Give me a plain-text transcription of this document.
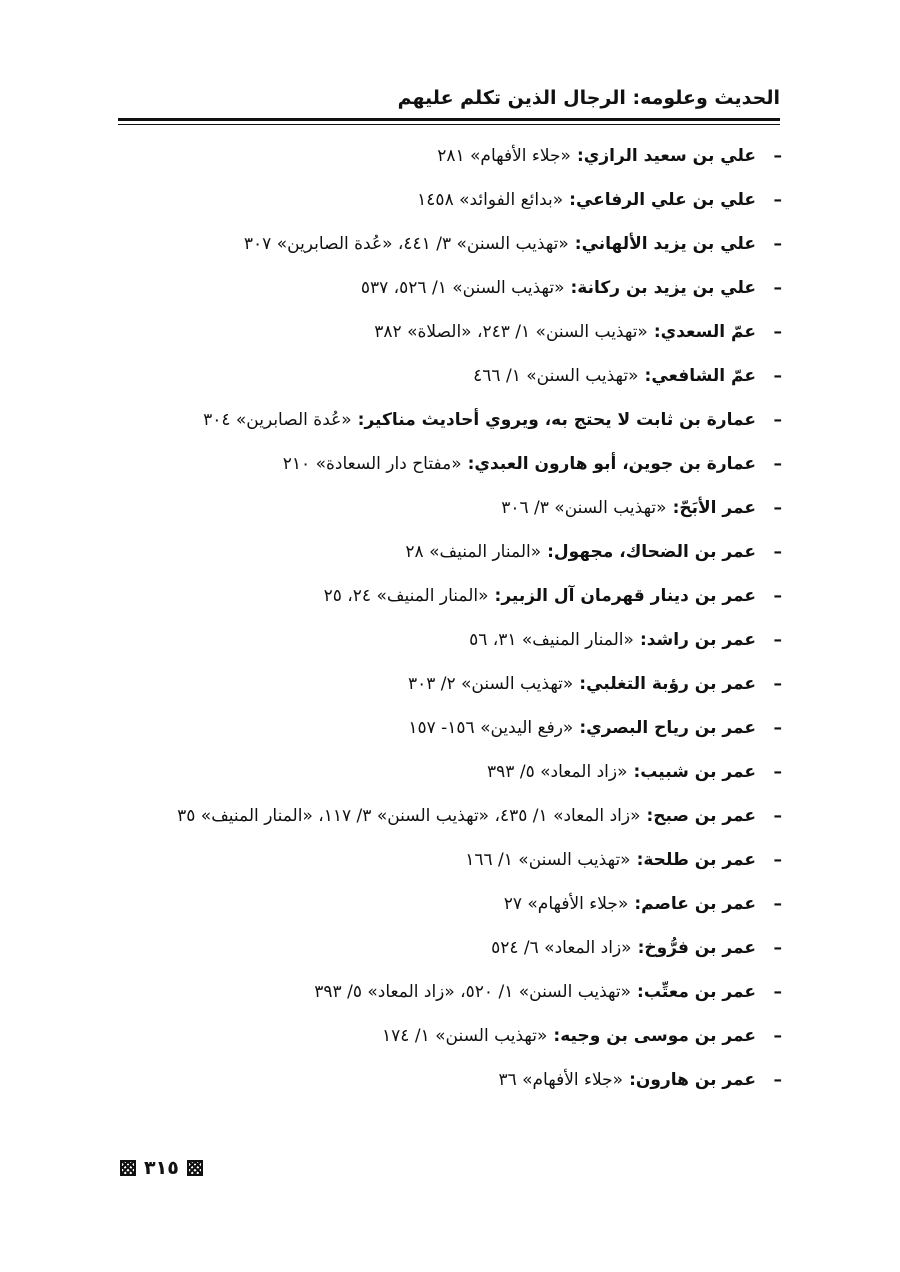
الحديث وعلومه: الرجال الذين تكلم عليهم
–
علي بن سعيد الرازي:
«جلاء الأفهام» ٢٨١
–
علي بن علي الرفاعي:
«بدائع الفوائد» ١٤٥٨
–
علي بن يزيد الألهاني:
«تهذيب السنن» ٣/ ٤٤١، «عُدة الصابرين» ٣٠٧
–
علي بن يزيد بن ركانة:
«تهذيب السنن» ١/ ٥٢٦، ٥٣٧
–
عمّ السعدي:
«تهذيب السنن» ١/ ٢٤٣، «الصلاة» ٣٨٢
–
عمّ الشافعي:
«تهذيب السنن» ١/ ٤٦٦
–
عمارة بن ثابت لا يحتج به، ويروي أحاديث مناكير:
«عُدة الصابرين» ٣٠٤
–
عمارة بن جوين، أبو هارون العبدي:
«مفتاح دار السعادة» ٢١٠
–
عمر الأبَحّ:
«تهذيب السنن» ٣/ ٣٠٦
–
عمر بن الضحاك، مجهول:
«المنار المنيف» ٢٨
–
عمر بن دينار قهرمان آل الزبير:
«المنار المنيف» ٢٤، ٢٥
–
عمر بن راشد:
«المنار المنيف» ٣١، ٥٦
–
عمر بن رؤبة التغلبي:
«تهذيب السنن» ٢/ ٣٠٣
–
عمر بن رياح البصري:
«رفع اليدين» ١٥٦- ١٥٧
–
عمر بن شبيب:
«زاد المعاد» ٥/ ٣٩٣
–
عمر بن صبح:
«زاد المعاد» ١/ ٤٣٥، «تهذيب السنن» ٣/ ١١٧، «المنار المنيف» ٣٥
–
عمر بن طلحة:
«تهذيب السنن» ١/ ١٦٦
–
عمر بن عاصم:
«جلاء الأفهام» ٢٧
–
عمر بن فرُّوخ:
«زاد المعاد» ٦/ ٥٢٤
–
عمر بن معتِّب:
«تهذيب السنن» ١/ ٥٢٠، «زاد المعاد» ٥/ ٣٩٣
–
عمر بن موسى بن وجيه:
«تهذيب السنن» ١/ ١٧٤
–
عمر بن هارون:
«جلاء الأفهام» ٣٦
٣١٥
